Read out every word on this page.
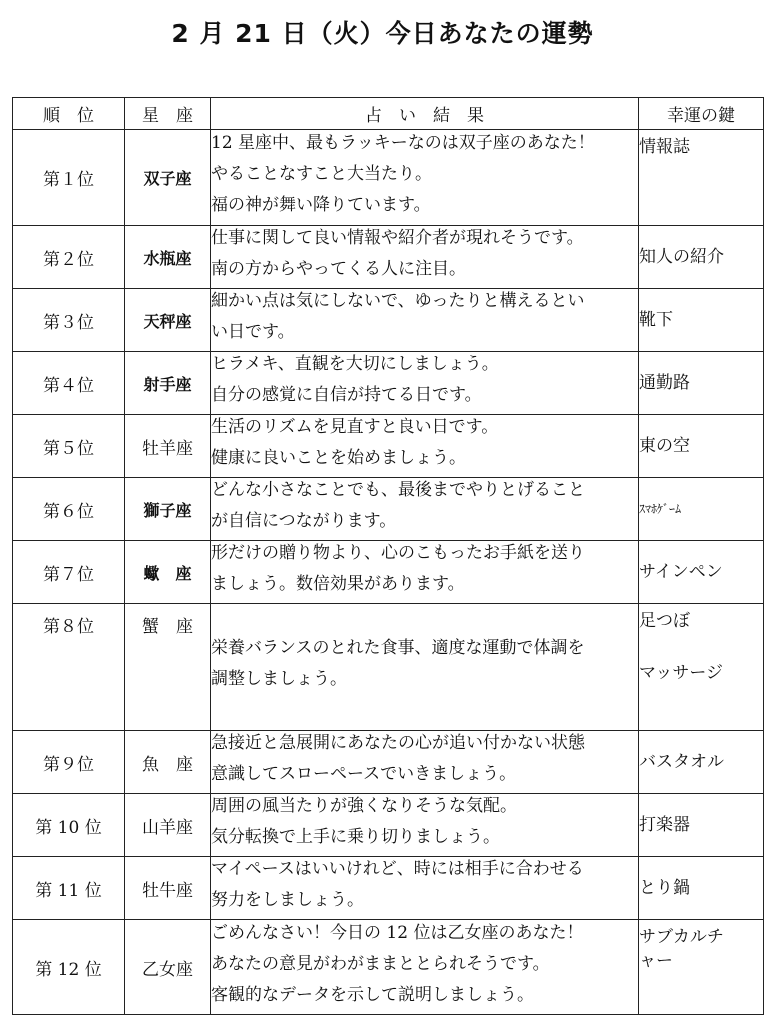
2 月 21 日（火）今日あなたの運勢
順　位	星　座	占　い　結　果	幸運の鍵
第１位	双子座	12 星座中、最もラッキーなのは双子座のあなた！
やることなすこと大当たり。
福の神が舞い降りています。	情報誌

第２位	水瓶座	仕事に関して良い情報や紹介者が現れそうです。
南の方からやってくる人に注目。	知人の紹介

第３位	天秤座	細かい点は気にしないで、ゆったりと構えるとい
い日です。	靴下

第４位	射手座	ヒラメキ、直観を大切にしましょう。
自分の感覚に自信が持てる日です。	通勤路

第５位	牡羊座	生活のリズムを見直すと良い日です。
健康に良いことを始めましょう。	東の空

第６位	獅子座	どんな小さなことでも、最後までやりとげること
が自信につながります。	ｽﾏﾎｹﾞｰﾑ

第７位	蠍　座	形だけの贈り物より、心のこもったお手紙を送り
ましょう。数倍効果があります。	サインペン

第８位	蟹　座	栄養バランスのとれた食事、適度な運動で体調を
調整しましょう。	足つぼ
マッサージ

第９位	魚　座	急接近と急展開にあなたの心が追い付かない状態
意識してスローペースでいきましょう。	バスタオル

第 10 位	山羊座	周囲の風当たりが強くなりそうな気配。
気分転換で上手に乗り切りましょう。	打楽器

第 11 位	牡牛座	マイペースはいいけれど、時には相手に合わせる
努力をしましょう。	とり鍋

第 12 位	乙女座	ごめんなさい！今日の 12 位は乙女座のあなた！
あなたの意見がわがままととられそうです。
客観的なデータを示して説明しましょう。	サブカルチ
ャー
